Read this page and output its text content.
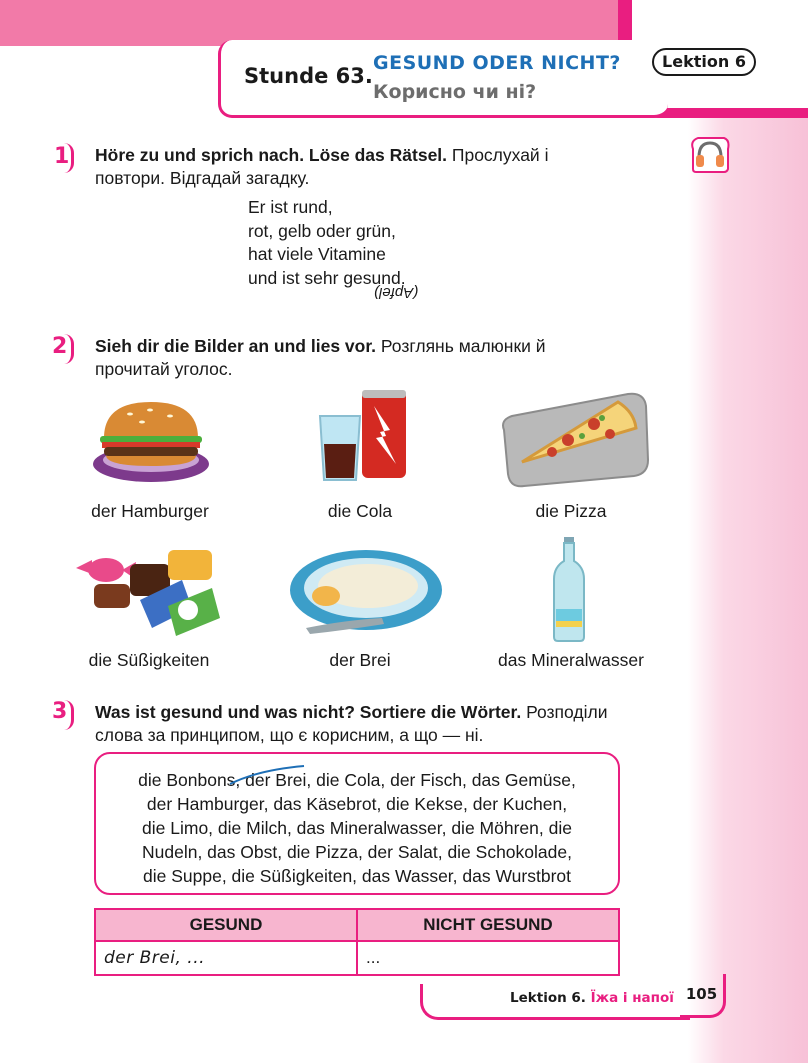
Stunde 63.
GESUND ODER NICHT?
Корисно чи ні?
Lektion 6
1 Höre zu und sprich nach. Löse das Rätsel. Прослухай і повтори. Відгадай загадку.
Er ist rund,
rot, gelb oder grün,
hat viele Vitamine
und ist sehr gesund.
(Apfel)
2 Sieh dir die Bilder an und lies vor. Розглянь малюнки й прочитай уголос.
der Hamburger	die Cola	die Pizza
die Süßigkeiten	der Brei	das Mineralwasser
3 Was ist gesund und was nicht? Sortiere die Wörter. Розподіли слова за принципом, що є корисним, а що — ні.
die Bonbons, der Brei, die Cola, der Fisch, das Gemüse,
der Hamburger, das Käsebrot, die Kekse, der Kuchen,
die Limo, die Milch, das Mineralwasser, die Möhren, die
Nudeln, das Obst, die Pizza, der Salat, die Schokolade,
die Suppe, die Süßigkeiten, das Wasser, das Wurstbrot
GESUND	NICHT GESUND
der Brei, ...	...
Lektion 6. Їжа і напої 105
